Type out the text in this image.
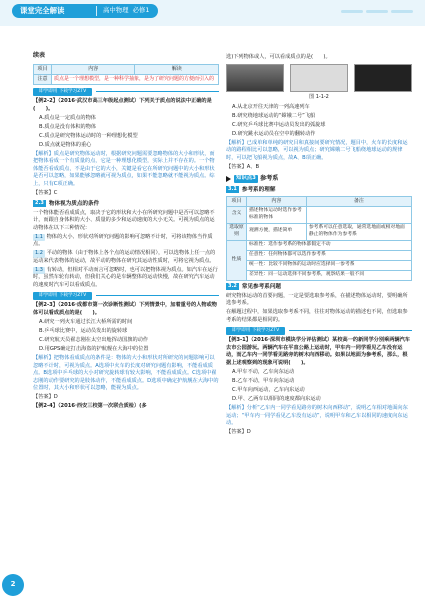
课堂完全解读	高中物理 必修1
续表
项目	内容	解读
注意	质点是一个理想模型，是一种科学抽象，是为了研究问题的方便而引入的	
即学即用 下载学习ZTV

【例2-2】（2016·武汉市高三年级起点测试）下列关于质点的说法中正确的是(　　)。

A.质点是一定质点的物体

B.质点是没有体积的物体

C.质点是研究物体运动时的一种理想化模型

D.质点就是物体的重心

【解析】质点是研究物体运动时，根据研究问题需要忽略物体的大小和形状，而把物体看成一个有质量的点，它是一种理想化模型，实际上并不存在的。一个物体能否看成质点，不是由于它的大小，关键是看它在所研究问题中的大小和形状是否可以忽略，如果能够忽略就可视为质点，如果不能忽略就不能视为质点。综上，只有C项正确。

【答案】C

2.3 物体视为质点的条件

一个物体能否看成质点，取决于它的形状和大小在所研究问题中是否可以忽略不计，而跟自身体积的大小、质量的多少和运动速度的大小无关。可视为质点的运动物体在以下三种情况：

1.1 物体的大小、形状对所研究问题的影响可忽略不计时，可将该物体当作质点。

1.2 平动的物体（由于物体上各个点的运动情况相同），可以选物体上任一点的运动来代表物体的运动，故平动的物体在研究其运动性质时，可将它视为质点。

1.3 有转动，但相对平动而言可忽略时，也可以把物体视为质点。如汽车在运行时，虽然车轮有转动，但我们关心的是车辆整体的运动快慢，故在研究汽车运动的速度时汽车可以看成质点。

即学即用 下载学习ZTV

【例2-3】（2016·成都市第一次诊断性测试）下列情景中，加着重号的人物或物体可以看成质点的是(　　)。

A.研究一列火车通过长江大桥所需的时间

B.乒乓球比赛中，运动员发出的旋转球

C.研究航天员翟志刚在太空出舱挥动国旗的动作

D.用GPS确定打击海盗的护航舰在大海中的位置

【解析】把物体看成质点的条件是：物体的大小和形状对所研究的问题影响可以忽略不计时，可视为质点。A选项中火车的长度对研究问题有影响，不能看成质点。B选项中乒乓球的大小对研究旋转球有较大影响，不能看成质点。C选项中翟志刚的动作要研究的是肢体动作，不能看成质点。D选项中确定护航舰在大海中的位置时，其大小和形状可以忽略，能视为质点。

【答案】D

【例2-4】（2016·西安三校第一次联合质检）(多

选)下列物体或人，可以看成质点的是(　　)。

图 1-1-2

A.从北京开往天津的一列高速列车

B.研究绕地球运动的“嫦娥二号”飞船

C.研究乒乓球比赛中运动员发出的弧旋球

D.研究跳水运动员在空中的翻转动作

【解析】已成单和单纯的研究目和真接间要研究情况，题目中，火车的长度和运动的路程相比可以忽略，可以视为质点；研究嫦娥二号飞船绕地球运动的规律时，可以把飞船视为质点，故A、B项正确。

【答案】A、B

知识点3 参考系
3.1 参考系的理解
项目	内容	备注
含义	描述物体运动时选作参考标准的物体	
选取原则	观测方便，描述简单	参考系可以任意选取，通常选地面或相对地面静止的物体作为参考系
性质	标准性：选作参考系的物体都假定不动	
	任意性：任何物体都可以选作参考系	
	统一性：比较不同物体的运动时应选择同一参考系	
	差异性：同一运动选择不同参考系，观察结果一般不同	
3.2 常见参考系问题

研究物体运动的首要问题，一定是要选取参考系，在描述物体运动时，要明确所选参考系。

在解题过程中，如果选取参考系不同，往往对物体运动的描述也不同，但选取参考系的结果都是相同的。

即学即用 下载学习ZTV

【例3-1】（2016·深圳市模块学分评估测试）某校高一的新同学分别乘两辆汽车去市公园游玩。两辆汽车在平直公路上运动时，甲车内一同学看见乙车没有运动，而乙车内一同学看见路旁的树木向西移动。如果以地面为参考系，那么，根据上述观察到的现象可说明(　　)。

A.甲车不动，乙车向东运动

B.乙车不动，甲车向东运动

C.甲车向西运动，乙车向东运动

D.甲、乙两车以相同的速度都向东运动

【解析】分析“乙车内一同学看见路旁的树木向西移动”，说明乙车相对地面向东运动；“甲车内一同学看见乙车没有运动”，说明甲车和乙车以相同的速度向东运动。

【答案】D

2
